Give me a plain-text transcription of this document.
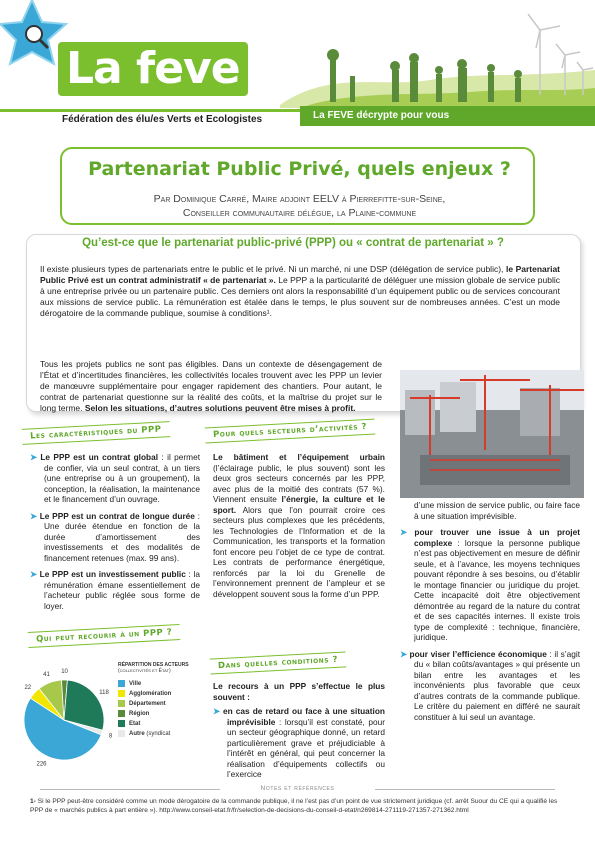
La feve
Fédération des élu/es Verts et Ecologistes	La FEVE décrypte pour vous
Partenariat Public Privé, quels enjeux ?
Par Dominique Carré, Maire adjoint EELV à Pierrefitte-sur-Seine,
Conseiller communautaire délégue, la Plaine-commune
Qu’est-ce que le partenariat public-privé (PPP) ou « contrat de partenariat » ?
Il existe plusieurs types de partenariats entre le public et le privé. Ni un marché, ni une DSP (délégation de service public), le Partenariat Public Privé est un contrat administratif « de partenariat ». Le PPP a la particularité de déléguer une mission globale de service public à une entreprise privée ou un partenaire public. Ces derniers ont alors la responsabilité d’un équipement public ou de services concourant aux missions de service public. La rémunération est étalée dans le temps, le plus souvent sur de nombreuses années. C’est un mode dérogatoire de la commande publique, soumise à conditions¹.
Tous les projets publics ne sont pas éligibles. Dans un contexte de désengagement de l’État et d’incertitudes financières, les collectivités locales trouvent avec les PPP un levier de manœuvre supplémentaire pour engager rapidement des chantiers. Pour autant, le contrat de partenariat questionne sur la réalité des coûts, et la maîtrise du projet sur le long terme. Selon les situations, d’autres solutions peuvent être mises à profit.
Les caractéristiques du PPP	Pour quels secteurs d’activités ?
Qui peut recourir à un PPP ?
Dans quelles conditions ?
➤ Le PPP est un contrat global : il permet de confier, via un seul contrat, à un tiers (une entreprise ou à un groupement), la conception, la réalisation, la maintenance et le financement d’un ouvrage.
➤ Le PPP est un contrat de longue durée : Une durée étendue en fonction de la durée d’amortissement des investissements et des modalités de financement retenues (max. 99 ans).
➤ Le PPP est un investissement public : la rémunération émane essentiellement de l’acheteur public réglée sous forme de loyer.
226
22
41
10
118
8
RÉPARTITION DES ACTEURS
(collectivités et État)
Ville
Agglomération
Département
Région
Etat
Autre (syndicat
Le bâtiment et l’équipement urbain (l’éclairage public, le plus souvent) sont les deux gros secteurs concernés par les PPP, avec plus de la moitié des contrats (57 %). Viennent ensuite l’énergie, la culture et le sport. Alors que l’on pourrait croire ces secteurs plus complexes que les précédents, les Technologies de l’Information et de la Communication, les transports et la formation font encore peu l’objet de ce type de contrat. Les contrats de performance énergétique, renforcés par la loi du Grenelle de l’environnement prennent de l’ampleur et se développent souvent sous la forme d’un PPP.
Le recours à un PPP s’effectue le plus souvent :
➤ en cas de retard ou face à une situation imprévisible : lorsqu’il est constaté, pour un secteur géographique donné, un retard particulièrement grave et préjudiciable à l’intérêt en général, qui peut concerner la réalisation d’équipements collectifs ou l’exercice
d’une mission de service public, ou faire face à une situation imprévisible.
➤ pour trouver une issue à un projet complexe : lorsque la personne publique n’est pas objectivement en mesure de définir seule, et à l’avance, les moyens techniques pouvant répondre à ses besoins, ou d’établir le montage financier ou juridique du projet. Cette incapacité doit être objectivement démontrée au regard de la nature du contrat et de ses capacités internes. Il existe trois type de complexité : technique, financière, juridique.
➤ pour viser l’efficience économique : il s’agit du « bilan coûts/avantages » qui présente un bilan entre les avantages et les inconvénients plus favorable que ceux d’autres contrats de la commande publique. Le critère du paiement en différé ne saurait constituer à lui seul un avantage.
Notes et références
1- Si le PPP peut-être considéré comme un mode dérogatoire de la commande publique, il ne l’est pas d’un point de vue strictement juridique (cf. arrêt Suour du CE qui a qualifié les PPP de « marchés publics à part entière »). http://www.conseil-etat.fr/fr/selection-de-decisions-du-conseil-d-etat/n269814-271119-271357-271362.html
